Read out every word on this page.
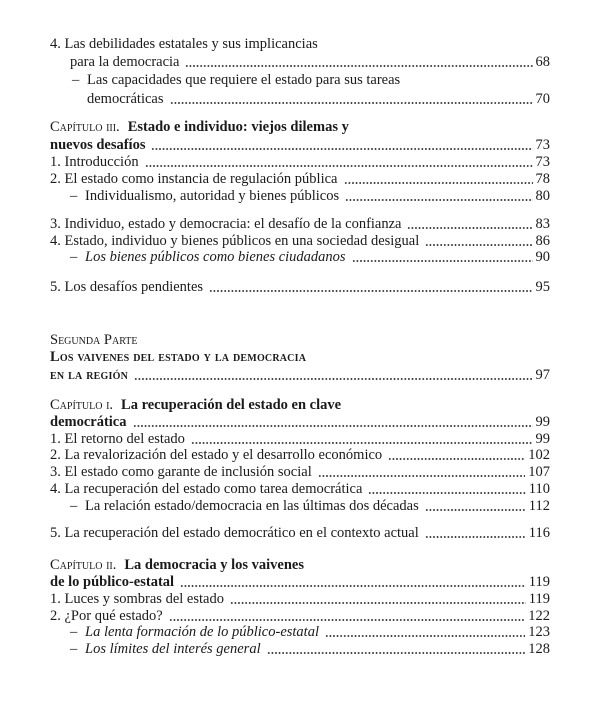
4. Las debilidades estatales y sus implicancias
para la democracia	68
– Las capacidades que requiere el estado para sus tareas
democráticas	70
Capítulo iii. Estado e individuo: viejos dilemas y
nuevos desafíos	73
1. Introducción	73
2. El estado como instancia de regulación pública	78
– Individualismo, autoridad y bienes públicos	80
3. Individuo, estado y democracia: el desafío de la confianza	83
4. Estado, individuo y bienes públicos en una sociedad desigual	86
– Los bienes públicos como bienes ciudadanos	90
5. Los desafíos pendientes	95
Segunda Parte
Los vaivenes del estado y la democracia
en la región	97
Capítulo i. La recuperación del estado en clave
democrática	99
1. El retorno del estado	99
2. La revalorización del estado y el desarrollo económico	102
3. El estado como garante de inclusión social	107
4. La recuperación del estado como tarea democrática	110
– La relación estado/democracia en las últimas dos décadas	112
5. La recuperación del estado democrático en el contexto actual	116
Capítulo ii. La democracia y los vaivenes
de lo público-estatal	119
1. Luces y sombras del estado	119
2. ¿Por qué estado?	122
– La lenta formación de lo público-estatal	123
– Los límites del interés general	128
